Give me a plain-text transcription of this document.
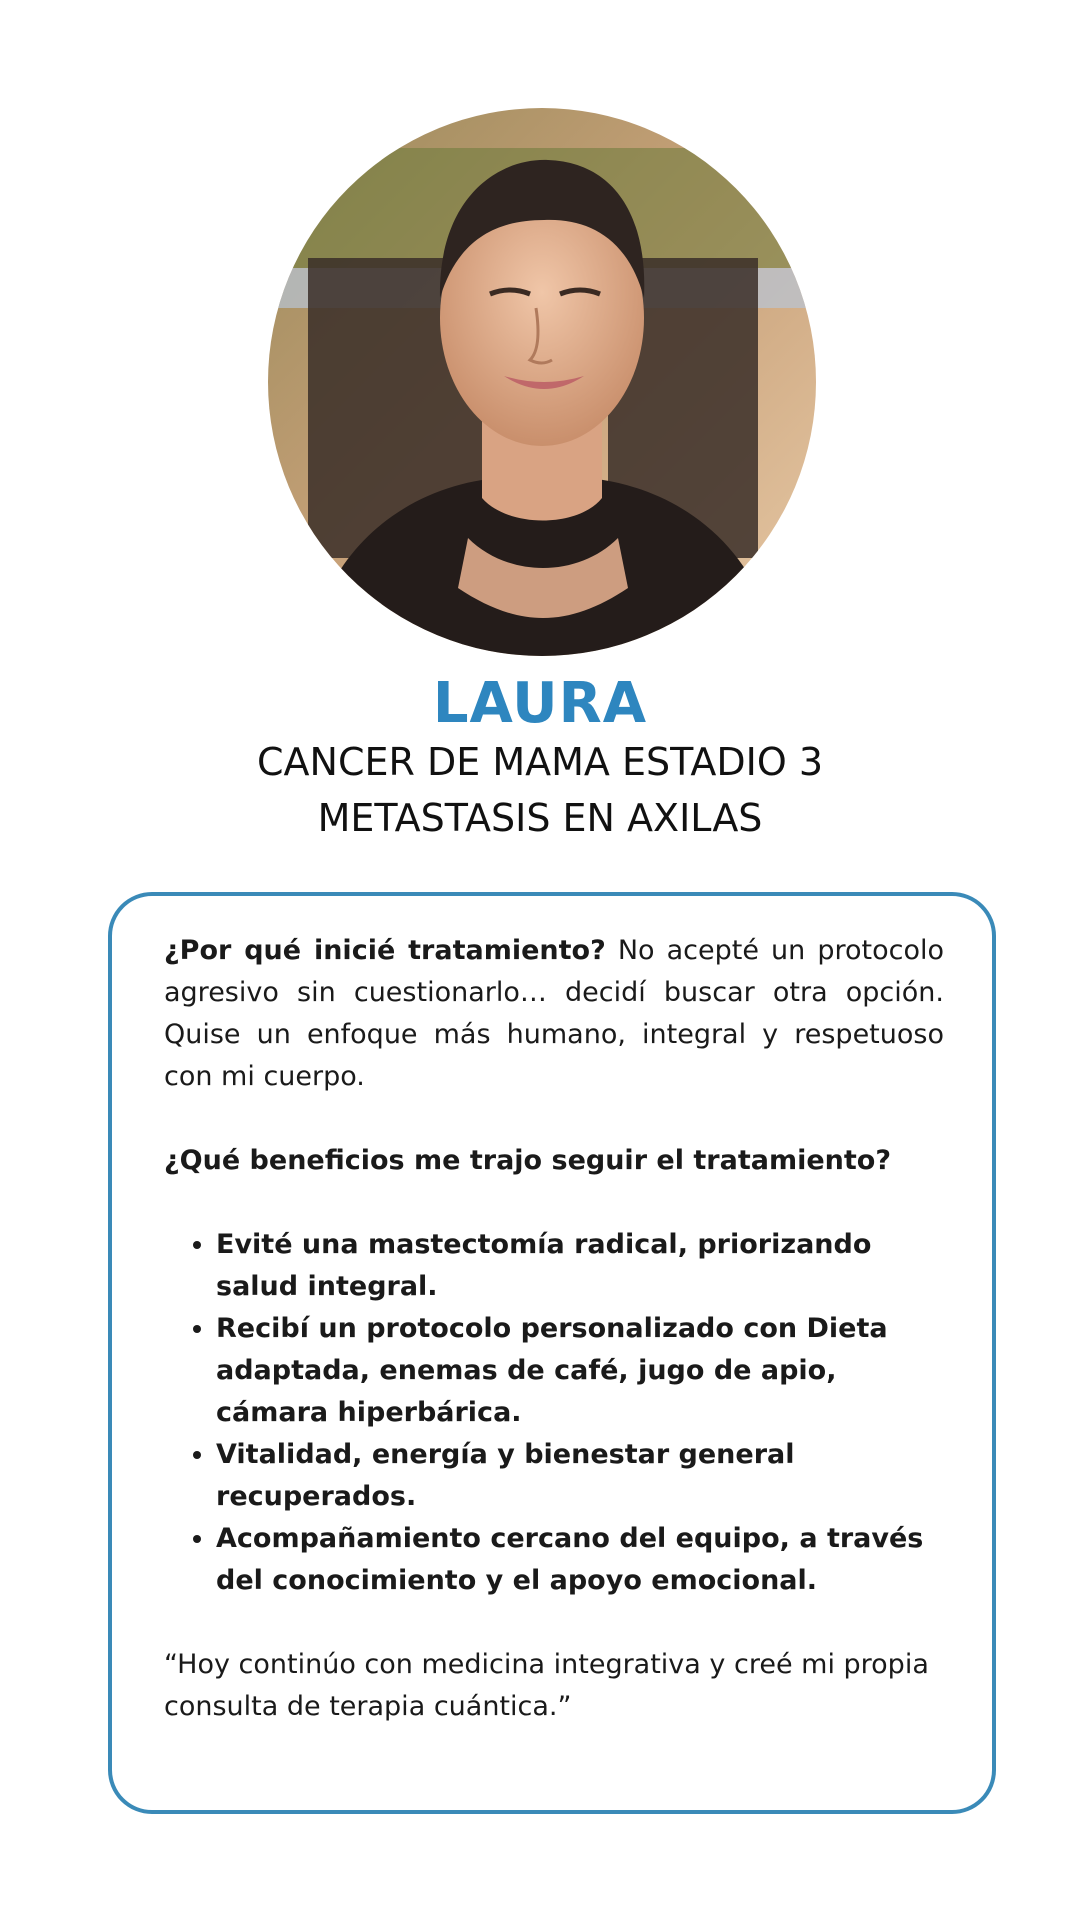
LAURA
CANCER DE MAMA ESTADIO 3
METASTASIS EN AXILAS

¿Por qué inicié tratamiento? No acepté un protocolo agresivo sin cuestionarlo… decidí buscar otra opción. Quise un enfoque más humano, integral y respetuoso con mi cuerpo.

¿Qué beneficios me trajo seguir el tratamiento?
• Evité una mastectomía radical, priorizando salud integral.
• Recibí un protocolo personalizado con Dieta adaptada, enemas de café, jugo de apio, cámara hiperbárica.
• Vitalidad, energía y bienestar general recuperados.
• Acompañamiento cercano del equipo, a través del conocimiento y el apoyo emocional.

“Hoy continúo con medicina integrativa y creé mi propia consulta de terapia cuántica.”
